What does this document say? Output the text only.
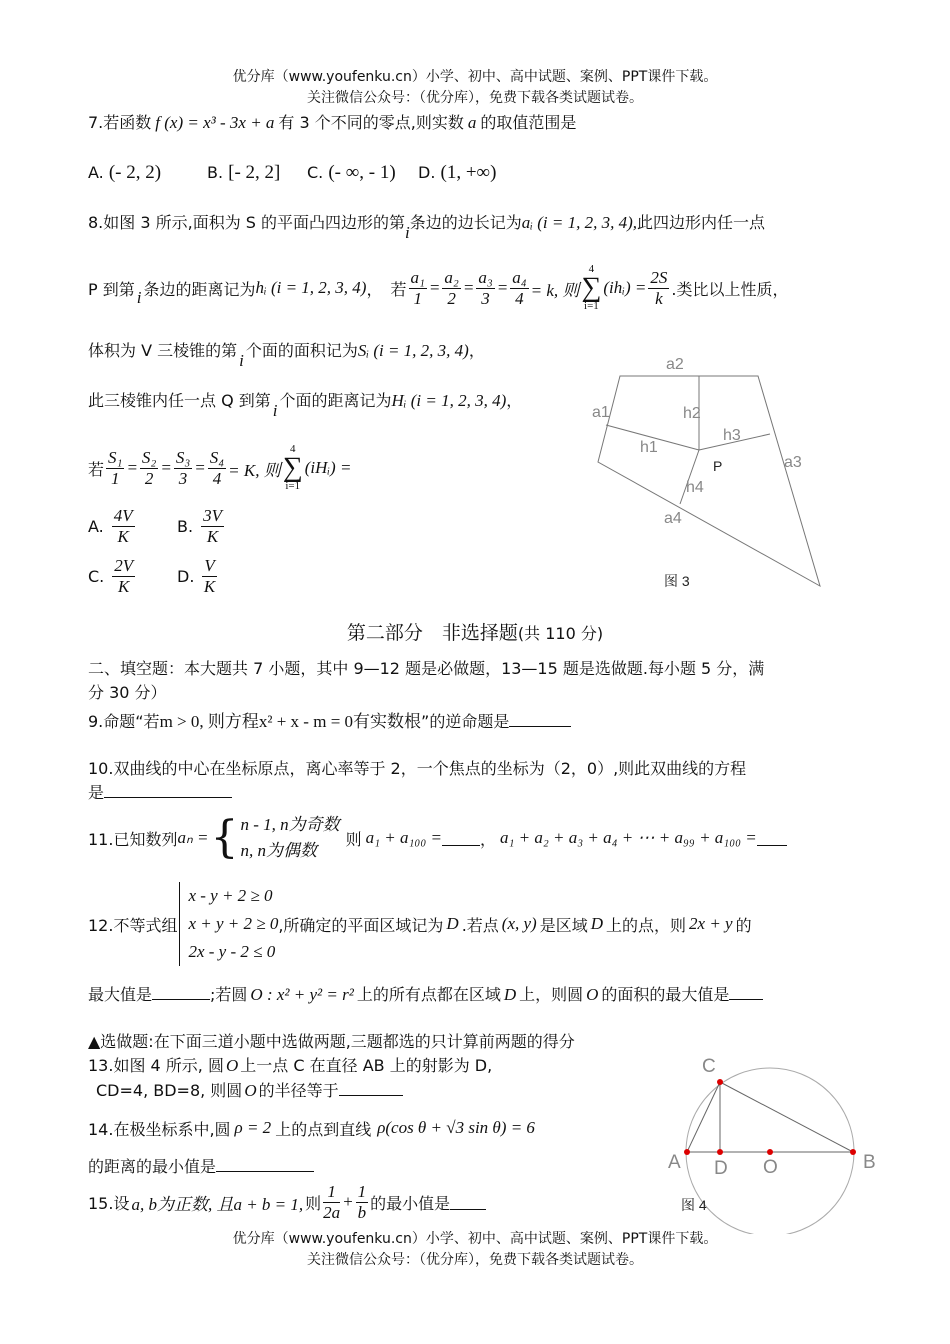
优分库（www.youfenku.cn）小学、初中、高中试题、案例、PPT课件下载。
关注微信公众号：（优分库），免费下载各类试题试卷。
7.若函数 f (x) = x³ - 3x + a 有 3 个不同的零点,则实数 a 的取值范围是
A. (- 2, 2)	B. [- 2, 2] C. (- ∞, - 1) D. (1, +∞)
8.如图 3 所示,面积为 S 的平面凸四边形的第i条边的边长记为aᵢ (i = 1, 2, 3, 4),此四边形内任一点
P 到第 i 条边的距离记为 hᵢ (i = 1, 2, 3, 4) ， 若 $\frac{\text{a₁}}{1} = \frac{\text{a₂}}{2} = \frac{\text{a₃}}{3} = \frac{\text{a₄}}{4} = k$, 则
4
∑
i=1
(ihᵢ) = $\frac{2S}{k}$ .类比以上性质，
体积为 V 三棱锥的第i个面的面积记为Sᵢ (i = 1, 2, 3, 4)，
此三棱锥内任一点 Q 到第i个面的距离记为Hᵢ (i = 1, 2, 3, 4)，
若 $\frac{\text{S₁}}{1} = \frac{\text{S₂}}{2} = \frac{\text{S₃}}{3} = \frac{\text{S₄}}{4} = K$, 则
4
∑
i=1
(iHᵢ) =
A. $\frac{4V}{K}$	B. $\frac{3V}{K}$
C. $\frac{2V}{K}$	D. $\frac{V}{K}$
a2
a1	h2
h3
h1
a3
P
h4
a4
图 3
第二部分　非选择题(共 110 分)
二、填空题：本大题共 7 小题，其中 9—12 题是必做题，13—15 题是选做题.每小题 5 分，满
分 30 分）
9.命题“若m > 0, 则方程x² + x - m = 0有实数根”的逆命题是
10.双曲线的中心在坐标原点，离心率等于 2，一个焦点的坐标为（2，0）,则此双曲线的方程
是
11.已知数列 aₙ = { n - 1, n为奇数
n, n为偶数
则 a₁ + a₁₀₀ = ， a₁ + a₂ + a₃ + a₄ + ⋯ + a₉₉ + a₁₀₀ =
12.不等式组
x - y + 2 ≥ 0
x + y + 2 ≥ 0
2x - y - 2 ≤ 0
,所确定的平面区域记为 D .若点 (x, y) 是区域 D 上的点，则 2x + y 的
最大值是	;若圆 O : x² + y² = r² 上的所有点都在区域 D 上，则圆 O 的面积的最大值是
▲选做题:在下面三道小题中选做两题,三题都选的只计算前两题的得分
13.如图 4 所示, 圆 O 上一点 C 在直径 AB 上的射影为 D,
CD=4, BD=8, 则圆 O 的半径等于
14.在极坐标系中,圆 ρ = 2 上的点到直线 ρ(cos θ + √3 sin θ) = 6
的距离的最小值是
15.设 a, b为正数, 且a + b = 1, 则 $\frac{1}{2a} + \frac{1}{b}$ 的最小值是
C
A D O	B
图 4
优分库（www.youfenku.cn）小学、初中、高中试题、案例、PPT课件下载。
关注微信公众号：（优分库），免费下载各类试题试卷。
